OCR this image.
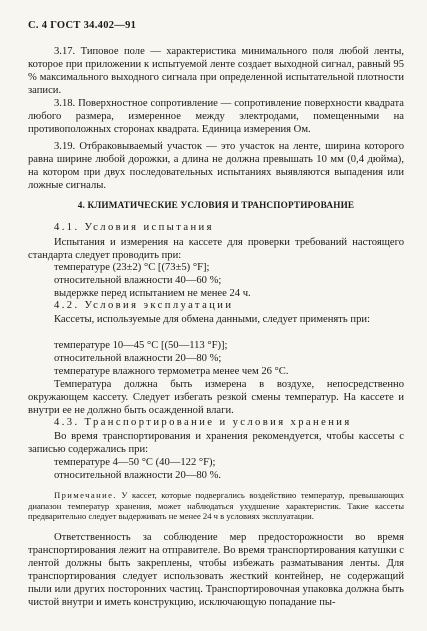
С. 4 ГОСТ 34.402—91

3.17. Типовое поле — характеристика минимального поля любой ленты, которое при приложении к испытуемой ленте создает выходной сигнал, равный 95 % максимального выходного сигнала при определенной испытательной плотности записи.

3.18. Поверхностное сопротивление — сопротивление поверхности квадрата любого размера, измеренное между электродами, помещенными на противоположных сторонах квадрата. Единица измерения Ом.

3.19. Отбраковываемый участок — это участок на ленте, ширина которого равна ширине любой дорожки, а длина не должна превышать 10 мм (0,4 дюйма), на котором при двух последовательных испытаниях выявляются выпадения или ложные сигналы.

4. КЛИМАТИЧЕСКИЕ УСЛОВИЯ И ТРАНСПОРТИРОВАНИЕ
4.1. Условия испытания

Испытания и измерения на кассете для проверки требований настоящего стандарта следует проводить при:

температуре (23±2) °С [(73±5) °F];
относительной влажности 40—60 %;
выдержке перед испытанием не менее 24 ч.
4.2. Условия эксплуатации

Кассеты, используемые для обмена данными, следует применять при:

температуре 10—45 °С [(50—113 °F)];
относительной влажности 20—80 %;
температуре влажного термометра менее чем 26 °С.

Температура должна быть измерена в воздухе, непосредственно окружающем кассету. Следует избегать резкой смены температур. На кассете и внутри ее не должно быть осажденной влаги.

4.3. Транспортирование и условия хранения

Во время транспортирования и хранения рекомендуется, чтобы кассеты с записью содержались при:

температуре 4—50 °С (40—122 °F);
относительной влажности 20—80 %.

Примечание. У кассет, которые подвергались воздействию температур, превышающих диапазон температур хранения, может наблюдаться ухудшение характеристик. Такие кассеты предварительно следует выдерживать не менее 24 ч в условиях эксплуатации.

Ответственность за соблюдение мер предосторожности во время транспортирования лежит на отправителе. Во время транспортирования катушки с лентой должны быть закреплены, чтобы избежать разматывания ленты. Для транспортирования следует использовать жесткий контейнер, не содержащий пыли или других посторонних частиц. Транспортировочная упаковка должна быть чистой внутри и иметь конструкцию, исключающую попадание пы-
